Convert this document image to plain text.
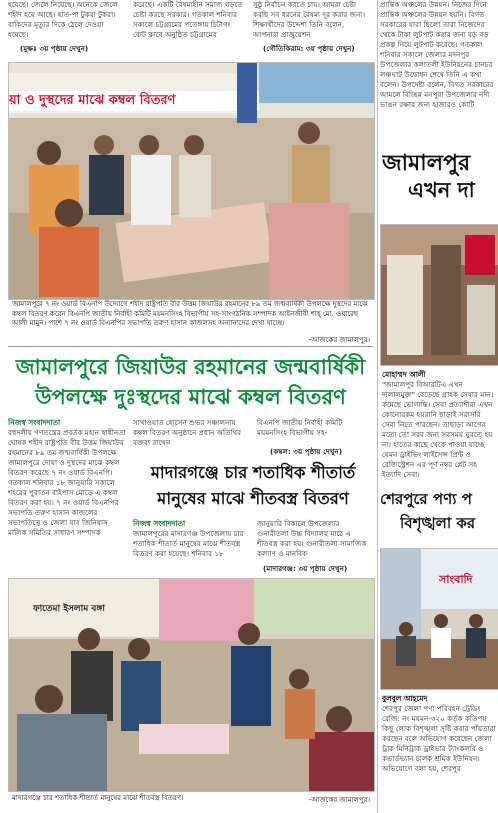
হয়েছে। জেলে নিয়েছে। অনেকে জেলে শহীদ হয়ে আছে। হাত-পা টুকরা টুকরা। বাকিদের মৃত্যুর দিকে ঠেলে দেওয়া হয়েছে।
(মুক্ষঃ ৩য় পৃষ্ঠায় দেখুন)
করেছে। একটি বৈষম্যহীন সমাজ গড়তে চেষ্টা করছে সরকার। গতকাল শনিবার সকালে চট্টগ্রামের পতেঙ্গায় চিটাগং বোট ক্লাবে অনুষ্ঠিত চট্টগ্রামের
সুষ্ঠু নির্বাচন করতে চায়। আমরা চেষ্টা করছি সব ধরনের বৈষম্য দূর করার জন্য। শিক্ষার্থীদের উদ্দেশ্য তিনি বলেন, আপনারা প্রাজুয়েশন
(গৌতিকিরাম: ৩য় পৃষ্ঠায় দেখুন)
প্রান্তিক অঞ্চলের উন্নয়ন। নিজের দিনে প্রান্তিক অঞ্চলের উন্নয়ন হয়নি। বিগত সরকারের যারা ছিলো তারা নিজেদের থেকে টাকা লুটপাট করার জন্য বড় বড় প্রকল্প নিয়ে লুটপাট করেছে। গতকাল শনিবার সকালে জেলার মদনপুর উপজেলার কলাতলী ইউনিয়নের চানচর লঞ্চঘাট উদ্বোধন শেষে তিনি এ কথা বলেন। উপদেষ্টা বলেন, বিগত সরকারের আমলে বিচ্ছিন্ন মনপুরা উপজেলার নদী ভাঙন রক্ষার জন্য হাজারও কোটি
য়া ও দুস্থদের মাঝে কম্বল বিতরণ
জামালপুরে ৭ নং ওয়ার্ড বিএনপি উদ্যোগে শহীদ রাষ্ট্রপতি বীর উত্তম জিয়াউর রহমানের ৮৯ তম জন্মবার্ষিকী উপলক্ষে দুস্থদের মাঝে কম্বল বিতরণ করেন বিএনপি জাতীয় নির্বাহী কমিটি ময়মনসিংহ বিভাগীয় সহ-সাংগঠনিক সম্পাদক আইনজীবী শাহ্ মো. ওয়ারেছ আলী মামুন। পাশে ৭ নং ওয়ার্ড বিএনপির সভাপতি তরুণ হাসান কাজলসহ অন্যান্যদের দেখা যাচ্ছে।
-আজকের জামালপুর।
জামালপুরে জিয়াউর রহমানের জন্মবার্ষিকী উপলক্ষে দুঃস্থদের মাঝে কম্বল বিতরণ
নিজস্ব সংবাদদাতা
বহুদলীয় গণতন্ত্রের প্রবর্তক মহান স্বাধীনতা ঘোষক শহীদ রাষ্ট্রপতি বীর উত্তম জিয়াউর রহমানের ৮৯ তম জন্মবার্ষিকী উপলক্ষে জামালপুরে দোয়া ও দুস্থদের মাঝে কম্বল বিতরণ করেছে ৭ নং ওয়ার্ড বিএনপি। গতকাল শনিবার ১৮ জানুয়ারি সকালে শহরের পুরাতন বাইপাস মোড়ে এ কম্বল বিতরণ করা হয়। ৭ নং ওয়ার্ড বিএনপির সভাপতি তরুণ হাসান কাজলের সভাপতিত্বে ও জেলা যাব জিনিয়াস মালিক সমিতির সাধারণ সম্পাদক
সাখাওয়াত হোসেন শুভর সঞ্চালনায় কম্বল বিতরণ অনুষ্ঠানে প্রধান অতিথির বক্তব্য রাখেন
বিএনপি জাতীয় নির্বাহী কমিটি ময়মনসিংহ বিভাগীয় সহ-
(কম্বল: ৩য় পৃষ্ঠায় দেখুন)
মাদারগঞ্জে চার শতাধিক শীতার্ত মানুষের মাঝে শীতবস্ত্র বিতরণ
নিজস্ব সংবাদদাতা
জামালপুরের মাদারগঞ্জ উপজেলায় চার শতাধিক শীতার্ত মানুষের মাঝে শীতবস্ত্র বিতরণ করা হয়েছে। শনিবার ১৮
জানুয়ারি বিকালে উপজেলার গুনারীতলা উচ্চ বিদ্যালয় মাঠে এ শীতবস্ত্র করা হয়। গুনারীতলা সামাজিক কল্যাণ ও মানবিক
(মাদারগঞ্জ: ৩য় পৃষ্ঠায় দেখুন)
ফাতেমা ইসলাম বঙ্গা
মাদারগঞ্জে চার শতাধিক শীতার্ত মানুষের মাঝে শীতবস্ত্র বিতরণ।	-আজকের জামালপুর।
জামালপুর
এখন দা
মোহাম্মদ আলী
"জামালপুর বিআরটিএ এখন দালালমুক্ত" বেড়েছে গ্রাহক সেবার মান। কমেছে ভোগান্তি। সেবা প্রত্যাশীরা এখন কোনোরকম হয়রানি ছাড়াই সরাসরি সেবা নিতে পারছেন। তাছাড়া আগের মতো তো সরব জন্য সবসময় ঘুরতে হয় না। হাতের কাছে থেকে পাওয়া যাচ্ছে যেমন ড্রাইভিং লাইসেন্স প্রিন্ট ও রেজিস্ট্রেশন এর পূর্ণ নম্বর প্লেট সহ ইত্যাদি সেবা।
শেরপুরে পণ্য প
বিশৃঙ্খলা কর
সাংবাদি
বুলবুল আহমেদ
শেরপুর জেলা পণ্য পরিবহন ট্রেডিং রেজি: নং ময়মন-৩২০ কর্তৃক কতিপয় কিছু লোক বিশৃঙ্খলা সৃষ্টি করার পাঁয়তারা করছেন বলে অভিযোগ করেছেন জেলা ট্রাক মিনিট্রাক ড্রাইভার ট্যাংকলরি ও কভার্ডভ্যান চালক শ্রমিক ইউনিয়ন। অভিযোগে বলা হয়, শেরপুর
